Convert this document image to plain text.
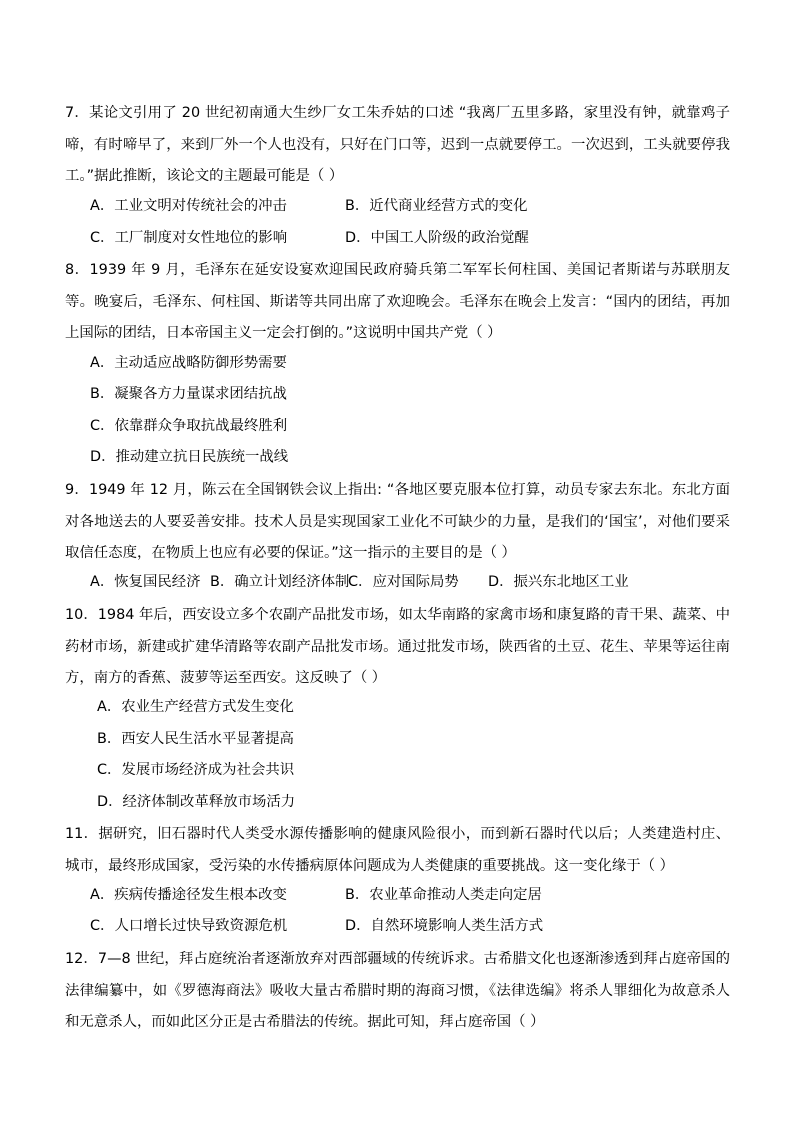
7．某论文引用了 20 世纪初南通大生纱厂女工朱乔姑的口述 “我离厂五里多路，家里没有钟，就靠鸡子啼，有时啼早了，来到厂外一个人也没有，只好在门口等，迟到一点就要停工。一次迟到，工头就要停我工。”据此推断，该论文的主题最可能是（ ）

A．工业文明对传统社会的冲击	B．近代商业经营方式的变化
C．工厂制度对女性地位的影响	D．中国工人阶级的政治觉醒

8．1939 年 9 月，毛泽东在延安设宴欢迎国民政府骑兵第二军军长何柱国、美国记者斯诺与苏联朋友等。晚宴后，毛泽东、何柱国、斯诺等共同出席了欢迎晚会。毛泽东在晚会上发言：“国内的团结，再加上国际的团结，日本帝国主义一定会打倒的。”这说明中国共产党（ ）

A．主动适应战略防御形势需要
B．凝聚各方力量谋求团结抗战
C．依靠群众争取抗战最终胜利
D．推动建立抗日民族统一战线

9．1949 年 12 月，陈云在全国钢铁会议上指出: “各地区要克服本位打算，动员专家去东北。东北方面对各地送去的人要妥善安排。技术人员是实现国家工业化不可缺少的力量，是我们的‘国宝’，对他们要采取信任态度，在物质上也应有必要的保证。”这一指示的主要目的是（ ）

A．恢复国民经济 B．确立计划经济体制
C．应对国际局势 D．振兴东北地区工业

10．1984 年后，西安设立多个农副产品批发市场，如太华南路的家禽市场和康复路的青干果、蔬菜、中药材市场，新建或扩建华清路等农副产品批发市场。通过批发市场，陕西省的土豆、花生、苹果等运往南方，南方的香蕉、菠萝等运至西安。这反映了（ ）

A．农业生产经营方式发生变化
B．西安人民生活水平显著提高
C．发展市场经济成为社会共识
D．经济体制改革释放市场活力

11．据研究，旧石器时代人类受水源传播影响的健康风险很小，而到新石器时代以后；人类建造村庄、城市，最终形成国家，受污染的水传播病原体问题成为人类健康的重要挑战。这一变化缘于（ ）

A．疾病传播途径发生根本改变	B．农业革命推动人类走向定居
C．人口增长过快导致资源危机	D．自然环境影响人类生活方式

12．7—8 世纪，拜占庭统治者逐渐放弃对西部疆域的传统诉求。古希腊文化也逐渐渗透到拜占庭帝国的法律编纂中，如《罗德海商法》吸收大量古希腊时期的海商习惯，《法律选编》将杀人罪细化为故意杀人和无意杀人，而如此区分正是古希腊法的传统。据此可知，拜占庭帝国（ ）
